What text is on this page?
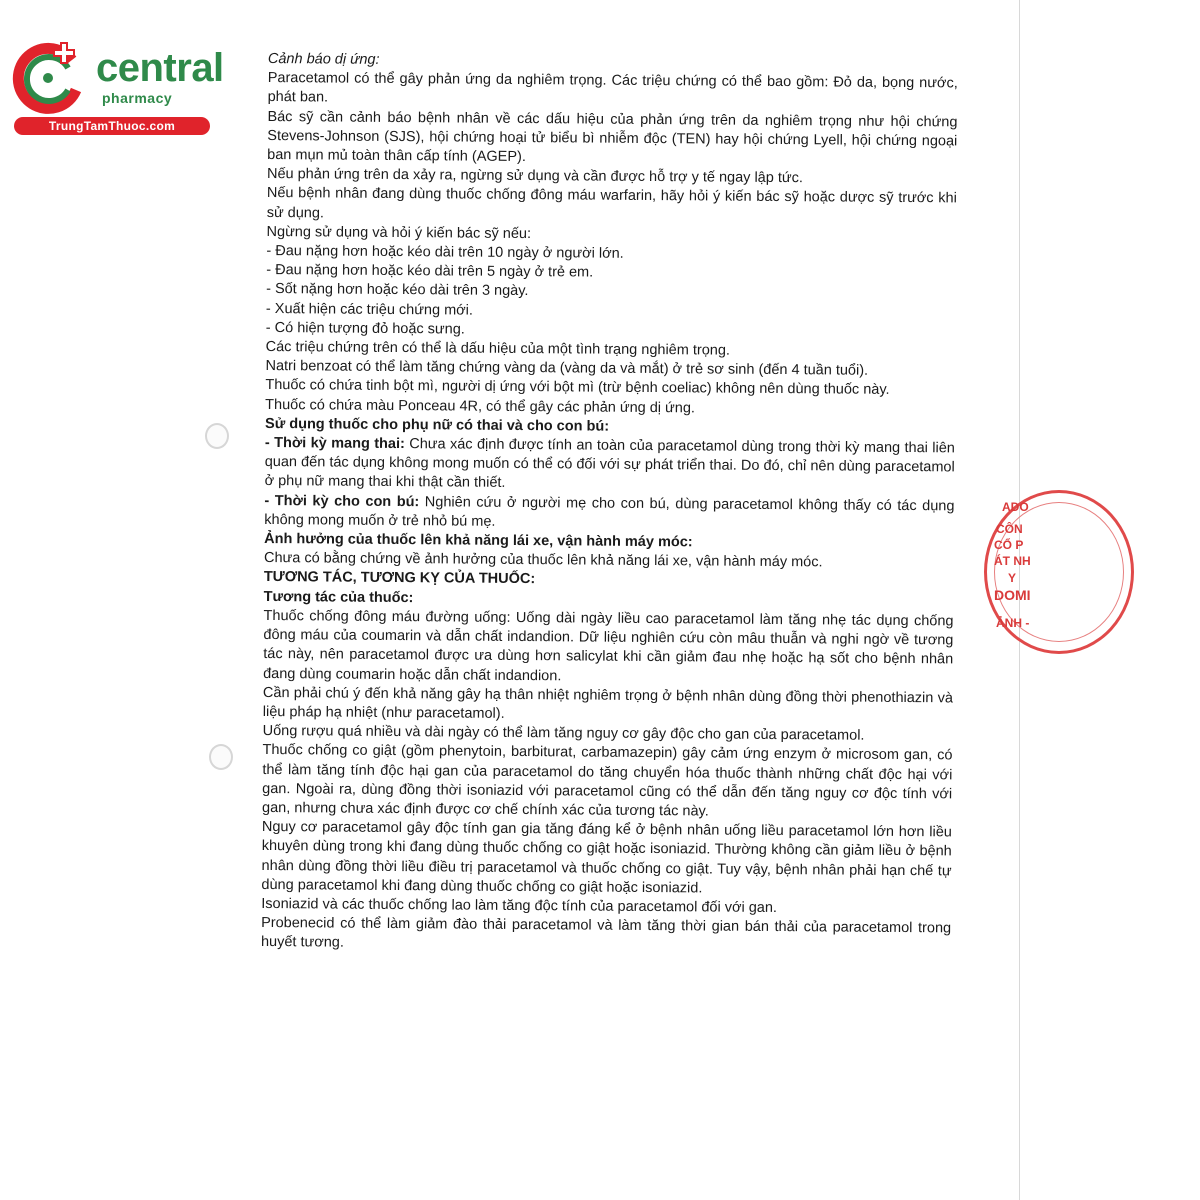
central
pharmacy
TrungTamThuoc.com
ADO
CÔN
CỔ P
ÁT NH
Y
DOMI
ẢNH -

Cảnh báo dị ứng:

Paracetamol có thể gây phản ứng da nghiêm trọng. Các triệu chứng có thể bao gồm: Đỏ da, bọng nước, phát ban.

Bác sỹ cần cảnh báo bệnh nhân về các dấu hiệu của phản ứng trên da nghiêm trọng như hội chứng Stevens-Johnson (SJS), hội chứng hoại tử biểu bì nhiễm độc (TEN) hay hội chứng Lyell, hội chứng ngoại ban mụn mủ toàn thân cấp tính (AGEP).

Nếu phản ứng trên da xảy ra, ngừng sử dụng và cần được hỗ trợ y tế ngay lập tức.

Nếu bệnh nhân đang dùng thuốc chống đông máu warfarin, hãy hỏi ý kiến bác sỹ hoặc dược sỹ trước khi sử dụng.

Ngừng sử dụng và hỏi ý kiến bác sỹ nếu:

- Đau nặng hơn hoặc kéo dài trên 10 ngày ở người lớn.

- Đau nặng hơn hoặc kéo dài trên 5 ngày ở trẻ em.

- Sốt nặng hơn hoặc kéo dài trên 3 ngày.

- Xuất hiện các triệu chứng mới.

- Có hiện tượng đỏ hoặc sưng.

Các triệu chứng trên có thể là dấu hiệu của một tình trạng nghiêm trọng.

Natri benzoat có thể làm tăng chứng vàng da (vàng da và mắt) ở trẻ sơ sinh (đến 4 tuần tuổi).

Thuốc có chứa tinh bột mì, người dị ứng với bột mì (trừ bệnh coeliac) không nên dùng thuốc này.

Thuốc có chứa màu Ponceau 4R, có thể gây các phản ứng dị ứng.

Sử dụng thuốc cho phụ nữ có thai và cho con bú:

- Thời kỳ mang thai: Chưa xác định được tính an toàn của paracetamol dùng trong thời kỳ mang thai liên quan đến tác dụng không mong muốn có thể có đối với sự phát triển thai. Do đó, chỉ nên dùng paracetamol ở phụ nữ mang thai khi thật cần thiết.

- Thời kỳ cho con bú: Nghiên cứu ở người mẹ cho con bú, dùng paracetamol không thấy có tác dụng không mong muốn ở trẻ nhỏ bú mẹ.

Ảnh hưởng của thuốc lên khả năng lái xe, vận hành máy móc:

Chưa có bằng chứng về ảnh hưởng của thuốc lên khả năng lái xe, vận hành máy móc.

TƯƠNG TÁC, TƯƠNG KỴ CỦA THUỐC:

Tương tác của thuốc:

Thuốc chống đông máu đường uống: Uống dài ngày liều cao paracetamol làm tăng nhẹ tác dụng chống đông máu của coumarin và dẫn chất indandion. Dữ liệu nghiên cứu còn mâu thuẫn và nghi ngờ về tương tác này, nên paracetamol được ưa dùng hơn salicylat khi cần giảm đau nhẹ hoặc hạ sốt cho bệnh nhân đang dùng coumarin hoặc dẫn chất indandion.

Cần phải chú ý đến khả năng gây hạ thân nhiệt nghiêm trọng ở bệnh nhân dùng đồng thời phenothiazin và liệu pháp hạ nhiệt (như paracetamol).

Uống rượu quá nhiều và dài ngày có thể làm tăng nguy cơ gây độc cho gan của paracetamol.

Thuốc chống co giật (gồm phenytoin, barbiturat, carbamazepin) gây cảm ứng enzym ở microsom gan, có thể làm tăng tính độc hại gan của paracetamol do tăng chuyển hóa thuốc thành những chất độc hại với gan. Ngoài ra, dùng đồng thời isoniazid với paracetamol cũng có thể dẫn đến tăng nguy cơ độc tính với gan, nhưng chưa xác định được cơ chế chính xác của tương tác này.

Nguy cơ paracetamol gây độc tính gan gia tăng đáng kể ở bệnh nhân uống liều paracetamol lớn hơn liều khuyên dùng trong khi đang dùng thuốc chống co giật hoặc isoniazid. Thường không cần giảm liều ở bệnh nhân dùng đồng thời liều điều trị paracetamol và thuốc chống co giật. Tuy vậy, bệnh nhân phải hạn chế tự dùng paracetamol khi đang dùng thuốc chống co giật hoặc isoniazid.

Isoniazid và các thuốc chống lao làm tăng độc tính của paracetamol đối với gan.

Probenecid có thể làm giảm đào thải paracetamol và làm tăng thời gian bán thải của paracetamol trong huyết tương.
